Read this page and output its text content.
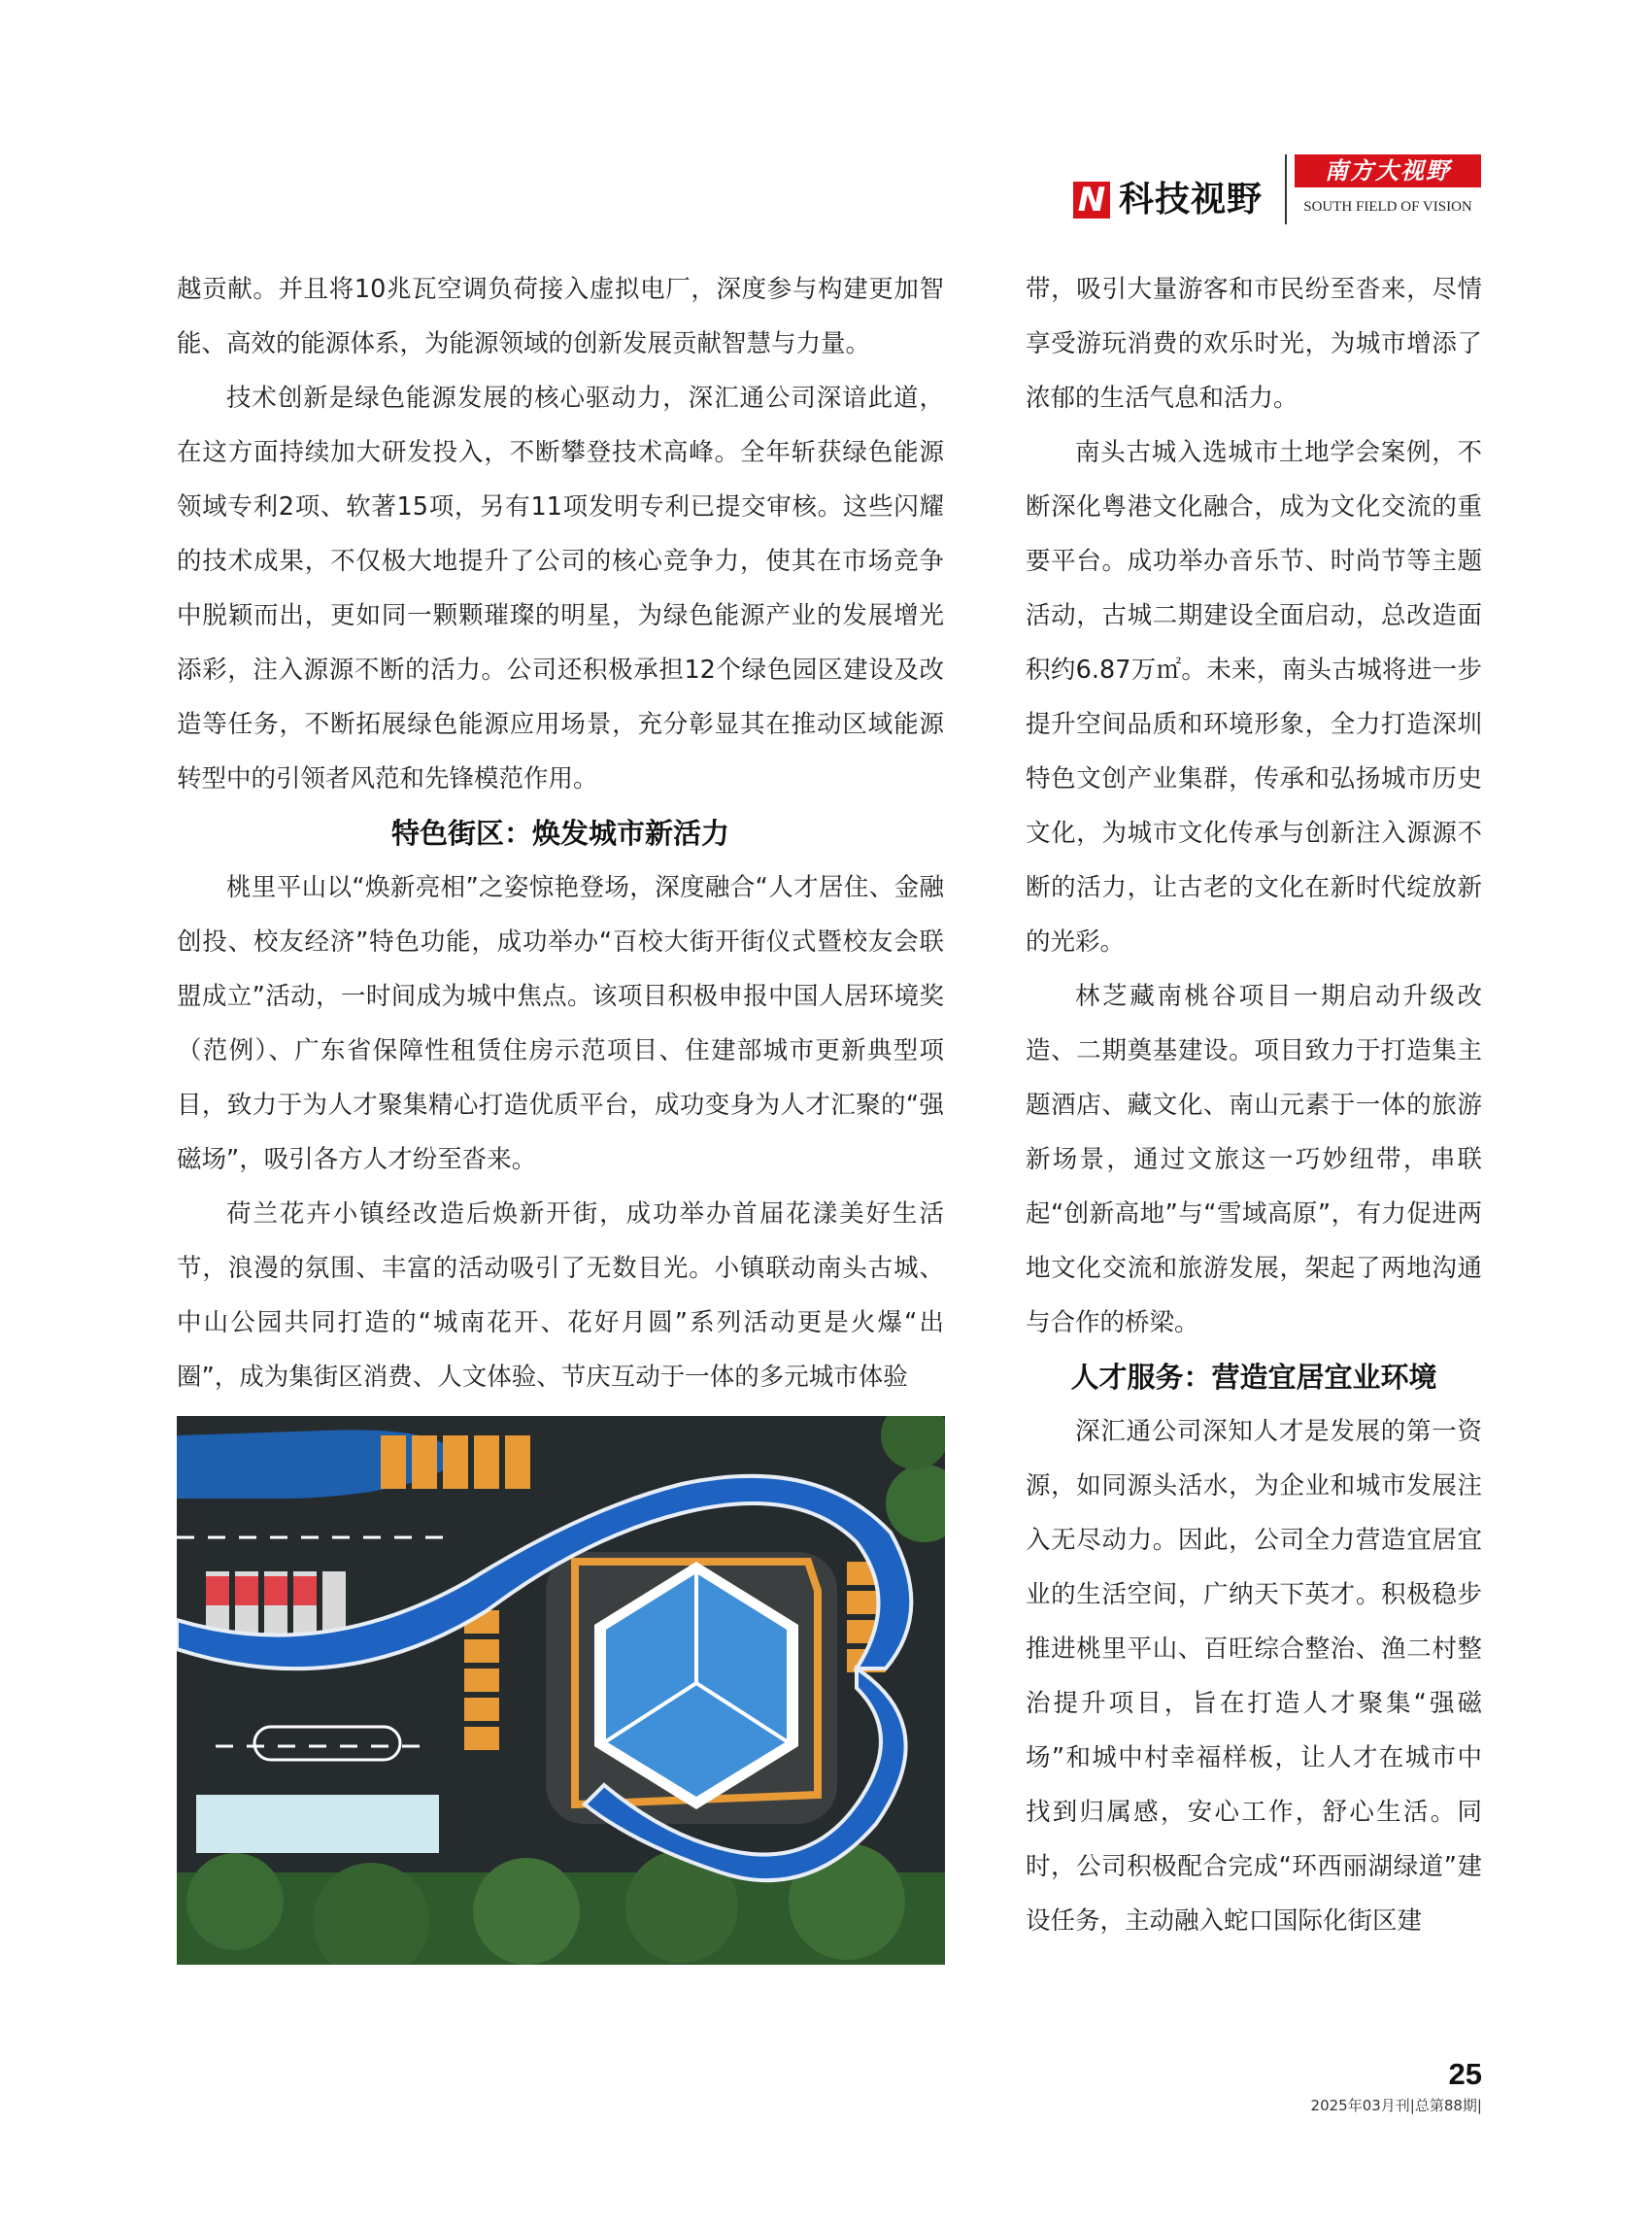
N 科技视野
南方大视野
SOUTH FIELD OF VISION

越贡献。并且将10兆瓦空调负荷接入虚拟电厂，深度参与构建更加智能、高效的能源体系，为能源领域的创新发展贡献智慧与力量。

技术创新是绿色能源发展的核心驱动力，深汇通公司深谙此道，在这方面持续加大研发投入，不断攀登技术高峰。全年斩获绿色能源领域专利2项、软著15项，另有11项发明专利已提交审核。这些闪耀的技术成果，不仅极大地提升了公司的核心竞争力，使其在市场竞争中脱颖而出，更如同一颗颗璀璨的明星，为绿色能源产业的发展增光添彩，注入源源不断的活力。公司还积极承担12个绿色园区建设及改造等任务，不断拓展绿色能源应用场景，充分彰显其在推动区域能源转型中的引领者风范和先锋模范作用。

特色街区：焕发城市新活力

桃里平山以“焕新亮相”之姿惊艳登场，深度融合“人才居住、金融创投、校友经济”特色功能，成功举办“百校大街开街仪式暨校友会联盟成立”活动，一时间成为城中焦点。该项目积极申报中国人居环境奖（范例）、广东省保障性租赁住房示范项目、住建部城市更新典型项目，致力于为人才聚集精心打造优质平台，成功变身为人才汇聚的“强磁场”，吸引各方人才纷至沓来。

荷兰花卉小镇经改造后焕新开街，成功举办首届花漾美好生活节，浪漫的氛围、丰富的活动吸引了无数目光。小镇联动南头古城、中山公园共同打造的“城南花开、花好月圆”系列活动更是火爆“出圈”，成为集街区消费、人文体验、节庆互动于一体的多元城市体验

带，吸引大量游客和市民纷至沓来，尽情享受游玩消费的欢乐时光，为城市增添了浓郁的生活气息和活力。

南头古城入选城市土地学会案例，不断深化粤港文化融合，成为文化交流的重要平台。成功举办音乐节、时尚节等主题活动，古城二期建设全面启动，总改造面积约6.87万㎡。未来，南头古城将进一步提升空间品质和环境形象，全力打造深圳特色文创产业集群，传承和弘扬城市历史文化，为城市文化传承与创新注入源源不断的活力，让古老的文化在新时代绽放新的光彩。

林芝藏南桃谷项目一期启动升级改造、二期奠基建设。项目致力于打造集主题酒店、藏文化、南山元素于一体的旅游新场景，通过文旅这一巧妙纽带，串联起“创新高地”与“雪域高原”，有力促进两地文化交流和旅游发展，架起了两地沟通与合作的桥梁。

人才服务：营造宜居宜业环境

深汇通公司深知人才是发展的第一资源，如同源头活水，为企业和城市发展注入无尽动力。因此，公司全力营造宜居宜业的生活空间，广纳天下英才。积极稳步推进桃里平山、百旺综合整治、渔二村整治提升项目，旨在打造人才聚集“强磁场”和城中村幸福样板，让人才在城市中找到归属感，安心工作，舒心生活。同时，公司积极配合完成“环西丽湖绿道”建设任务，主动融入蛇口国际化街区建

25
2025年03月刊|总第88期|
